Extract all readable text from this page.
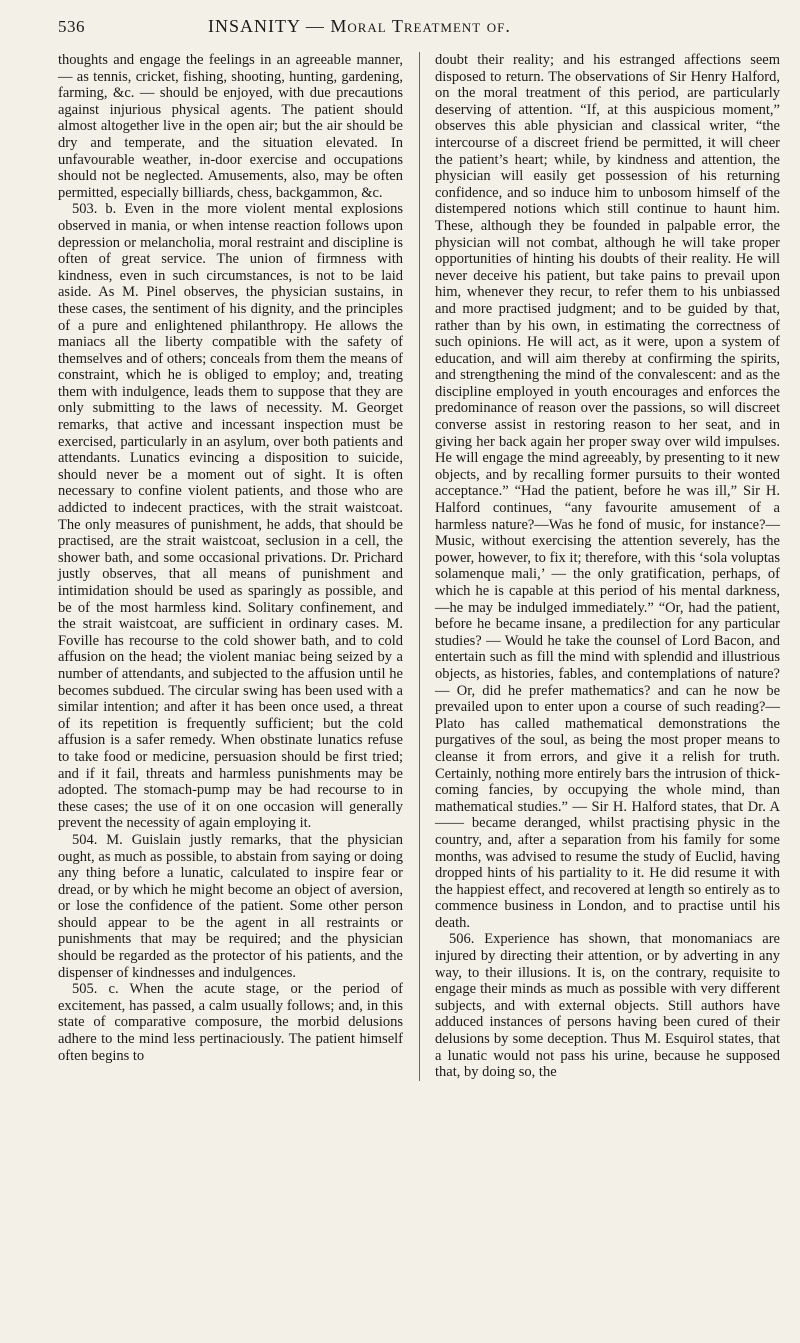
536	INSANITY — Moral Treatment of.

thoughts and engage the feelings in an agreeable manner,— as tennis, cricket, fishing, shooting, hunting, gardening, farming, &c. — should be enjoyed, with due precautions against injurious physical agents. The patient should almost altogether live in the open air; but the air should be dry and temperate, and the situation elevated. In unfavourable weather, in-door exercise and occupations should not be neglected. Amusements, also, may be often permitted, especially billiards, chess, backgammon, &c.

503. b. Even in the more violent mental explosions observed in mania, or when intense reaction follows upon depression or melancholia, moral restraint and discipline is often of great service. The union of firmness with kindness, even in such circumstances, is not to be laid aside. As M. Pinel observes, the physician sustains, in these cases, the sentiment of his dignity, and the principles of a pure and enlightened philanthropy. He allows the maniacs all the liberty compatible with the safety of themselves and of others; conceals from them the means of constraint, which he is obliged to employ; and, treating them with indulgence, leads them to suppose that they are only submitting to the laws of necessity. M. Georget remarks, that active and incessant inspection must be exercised, particularly in an asylum, over both patients and attendants. Lunatics evincing a disposition to suicide, should never be a moment out of sight. It is often necessary to confine violent patients, and those who are addicted to indecent practices, with the strait waistcoat. The only measures of punishment, he adds, that should be practised, are the strait waistcoat, seclusion in a cell, the shower bath, and some occasional privations. Dr. Prichard justly observes, that all means of punishment and intimidation should be used as sparingly as possible, and be of the most harmless kind. Solitary confinement, and the strait waistcoat, are sufficient in ordinary cases. M. Foville has recourse to the cold shower bath, and to cold affusion on the head; the violent maniac being seized by a number of attendants, and subjected to the affusion until he becomes subdued. The circular swing has been used with a similar intention; and after it has been once used, a threat of its repetition is frequently sufficient; but the cold affusion is a safer remedy. When obstinate lunatics refuse to take food or medicine, persuasion should be first tried; and if it fail, threats and harmless punishments may be adopted. The stomach-pump may be had recourse to in these cases; the use of it on one occasion will generally prevent the necessity of again employing it.

504. M. Guislain justly remarks, that the physician ought, as much as possible, to abstain from saying or doing any thing before a lunatic, calculated to inspire fear or dread, or by which he might become an object of aversion, or lose the confidence of the patient. Some other person should appear to be the agent in all restraints or punishments that may be required; and the physician should be regarded as the protector of his patients, and the dispenser of kindnesses and indulgences.

505. c. When the acute stage, or the period of excitement, has passed, a calm usually follows; and, in this state of comparative composure, the morbid delusions adhere to the mind less pertinaciously. The patient himself often begins to

doubt their reality; and his estranged affections seem disposed to return. The observations of Sir Henry Halford, on the moral treatment of this period, are particularly deserving of attention. “If, at this auspicious moment,” observes this able physician and classical writer, “the intercourse of a discreet friend be permitted, it will cheer the patient’s heart; while, by kindness and attention, the physician will easily get possession of his returning confidence, and so induce him to unbosom himself of the distempered notions which still continue to haunt him. These, although they be founded in palpable error, the physician will not combat, although he will take proper opportunities of hinting his doubts of their reality. He will never deceive his patient, but take pains to prevail upon him, whenever they recur, to refer them to his unbiassed and more practised judgment; and to be guided by that, rather than by his own, in estimating the correctness of such opinions. He will act, as it were, upon a system of education, and will aim thereby at confirming the spirits, and strengthening the mind of the convalescent: and as the discipline employed in youth encourages and enforces the predominance of reason over the passions, so will discreet converse assist in restoring reason to her seat, and in giving her back again her proper sway over wild impulses. He will engage the mind agreeably, by presenting to it new objects, and by recalling former pursuits to their wonted acceptance.” “Had the patient, before he was ill,” Sir H. Halford continues, “any favourite amusement of a harmless nature?—Was he fond of music, for instance?— Music, without exercising the attention severely, has the power, however, to fix it; therefore, with this ‘sola voluptas solamenque mali,’ — the only gratification, perhaps, of which he is capable at this period of his mental darkness,—he may be indulged immediately.” “Or, had the patient, before he became insane, a predilection for any particular studies? — Would he take the counsel of Lord Bacon, and entertain such as fill the mind with splendid and illustrious objects, as histories, fables, and contemplations of nature?— Or, did he prefer mathematics? and can he now be prevailed upon to enter upon a course of such reading?—Plato has called mathematical demonstrations the purgatives of the soul, as being the most proper means to cleanse it from errors, and give it a relish for truth. Certainly, nothing more entirely bars the intrusion of thick-coming fancies, by occupying the whole mind, than mathematical studies.” — Sir H. Halford states, that Dr. A—— became deranged, whilst practising physic in the country, and, after a separation from his family for some months, was advised to resume the study of Euclid, having dropped hints of his partiality to it. He did resume it with the happiest effect, and recovered at length so entirely as to commence business in London, and to practise until his death.

506. Experience has shown, that monomaniacs are injured by directing their attention, or by adverting in any way, to their illusions. It is, on the contrary, requisite to engage their minds as much as possible with very different subjects, and with external objects. Still authors have adduced instances of persons having been cured of their delusions by some deception. Thus M. Esquirol states, that a lunatic would not pass his urine, because he supposed that, by doing so, the
